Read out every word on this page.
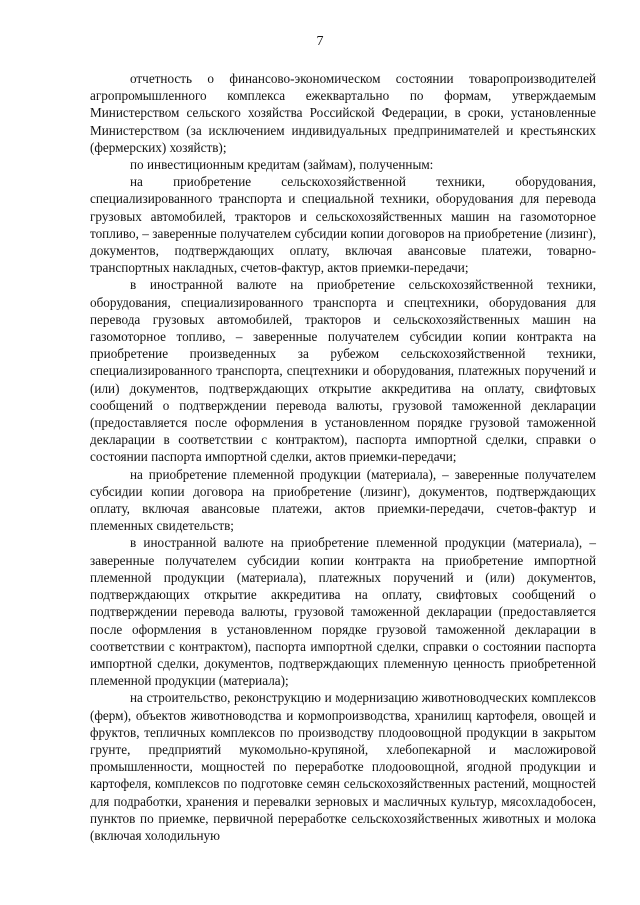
7

отчетность о финансово-экономическом состоянии товаропроизводителей агропромышленного комплекса ежеквартально по формам, утверждаемым Министерством сельского хозяйства Российской Федерации, в сроки, установленные Министерством (за исключением индивидуальных предпринимателей и крестьянских (фермерских) хозяйств);

по инвестиционным кредитам (займам), полученным:

на приобретение сельскохозяйственной техники, оборудования, специализированного транспорта и специальной техники, оборудования для перевода грузовых автомобилей, тракторов и сельскохозяйственных машин на газомоторное топливо, – заверенные получателем субсидии копии договоров на приобретение (лизинг), документов, подтверждающих оплату, включая авансовые платежи, товарно-транспортных накладных, счетов-фактур, актов приемки-передачи;

в иностранной валюте на приобретение сельскохозяйственной техники, оборудования, специализированного транспорта и спецтехники, оборудования для перевода грузовых автомобилей, тракторов и сельскохозяйственных машин на газомоторное топливо, – заверенные получателем субсидии копии контракта на приобретение произведенных за рубежом сельскохозяйственной техники, специализированного транспорта, спецтехники и оборудования, платежных поручений и (или) документов, подтверждающих открытие аккредитива на оплату, свифтовых сообщений о подтверждении перевода валюты, грузовой таможенной декларации (предоставляется после оформления в установленном порядке грузовой таможенной декларации в соответствии с контрактом), паспорта импортной сделки, справки о состоянии паспорта импортной сделки, актов приемки-передачи;

на приобретение племенной продукции (материала), – заверенные получателем субсидии копии договора на приобретение (лизинг), документов, подтверждающих оплату, включая авансовые платежи, актов приемки-передачи, счетов-фактур и племенных свидетельств;

в иностранной валюте на приобретение племенной продукции (материала), – заверенные получателем субсидии копии контракта на приобретение импортной племенной продукции (материала), платежных поручений и (или) документов, подтверждающих открытие аккредитива на оплату, свифтовых сообщений о подтверждении перевода валюты, грузовой таможенной декларации (предоставляется после оформления в установленном порядке грузовой таможенной декларации в соответствии с контрактом), паспорта импортной сделки, справки о состоянии паспорта импортной сделки, документов, подтверждающих племенную ценность приобретенной племенной продукции (материала);

на строительство, реконструкцию и модернизацию животноводческих комплексов (ферм), объектов животноводства и кормопроизводства, хранилищ картофеля, овощей и фруктов, тепличных комплексов по производству плодоовощной продукции в закрытом грунте, предприятий мукомольно-крупяной, хлебопекарной и масложировой промышленности, мощностей по переработке плодоовощной, ягодной продукции и картофеля, комплексов по подготовке семян сельскохозяйственных растений, мощностей для подработки, хранения и перевалки зерновых и масличных культур, мясохладобосен, пунктов по приемке, первичной переработке сельскохозяйственных животных и молока (включая холодильную
